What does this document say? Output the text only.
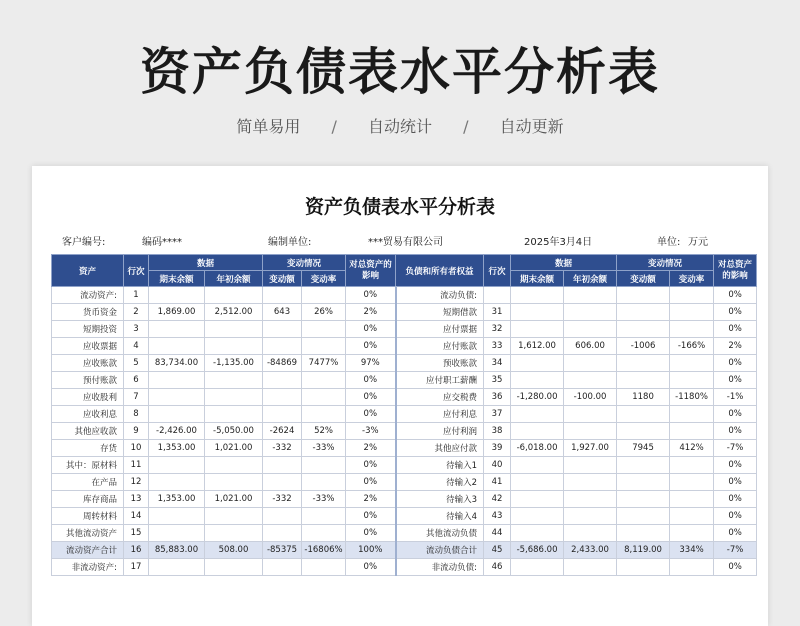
资产负债表水平分析表
简单易用 / 自动统计 / 自动更新
资产负债表水平分析表
客户编号:	编码****	编制单位:	***贸易有限公司	2025年3月4日	单位: 万元
资产	行次	数据		变动情况		对总资产的影响	负债和所有者权益	行次	数据		变动情况		对总资产的影响
		期末余额	年初余额	变动额	变动率				期末余额	年初余额	变动额	变动率	
流动资产:	1					0%	流动负债:						0%
货币资金	2	1,869.00	2,512.00	643	26%	2%	短期借款	31					0%
短期投资	3					0%	应付票据	32					0%
应收票据	4					0%	应付账款	33	1,612.00	606.00	-1006	-166%	2%
应收账款	5	83,734.00	-1,135.00	-84869	7477%	97%	预收账款	34					0%
预付账款	6					0%	应付职工薪酬	35					0%
应收股利	7					0%	应交税费	36	-1,280.00	-100.00	1180	-1180%	-1%
应收利息	8					0%	应付利息	37					0%
其他应收款	9	-2,426.00	-5,050.00	-2624	52%	-3%	应付利润	38					0%
存货	10	1,353.00	1,021.00	-332	-33%	2%	其他应付款	39	-6,018.00	1,927.00	7945	412%	-7%
其中：原材料	11					0%	待输入1	40					0%
在产品	12					0%	待输入2	41					0%
库存商品	13	1,353.00	1,021.00	-332	-33%	2%	待输入3	42					0%
周转材料	14					0%	待输入4	43					0%
其他流动资产	15					0%	其他流动负债	44					0%
流动资产合计	16	85,883.00	508.00	-85375	-16806%	100%	流动负债合计	45	-5,686.00	2,433.00	8,119.00	334%	-7%
非流动资产:	17					0%	非流动负债:	46					0%
